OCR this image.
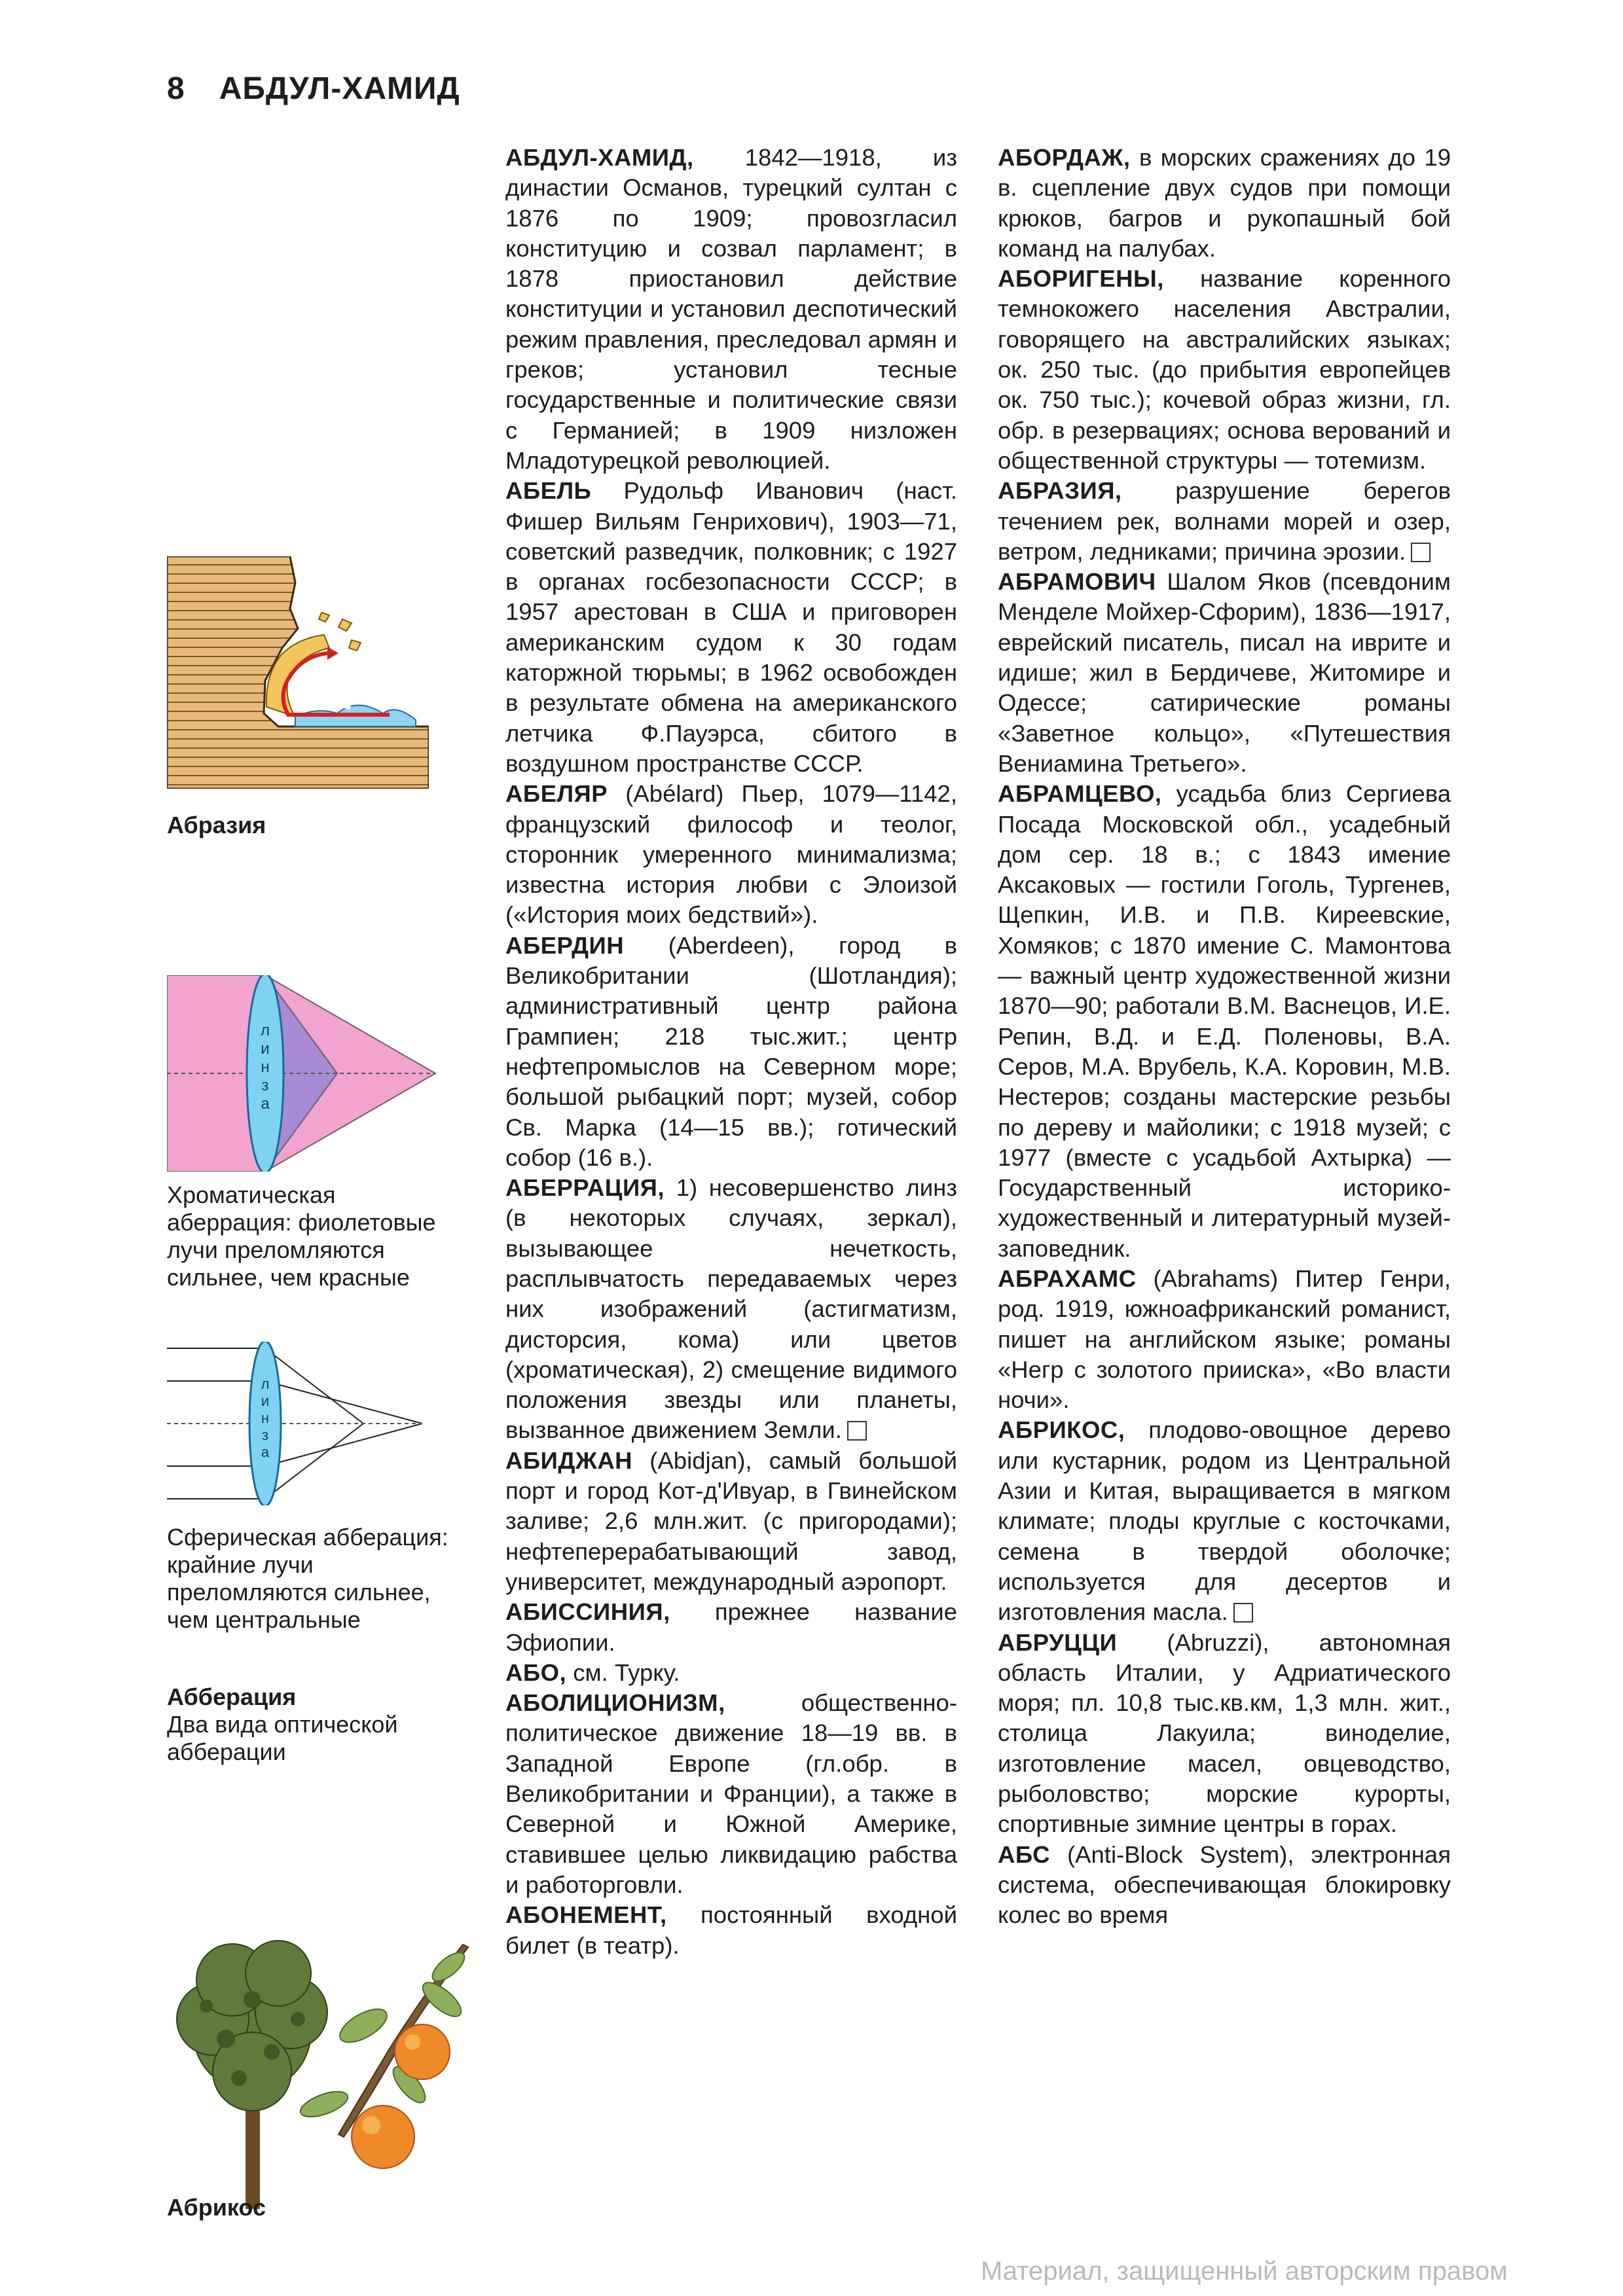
8 АБДУЛ-ХАМИД
Абразия
л
и
н
з
а
Хроматическая аберрация: фиолетовые лучи преломляются сильнее, чем красные
л
и
н
з
а
Сферическая абберация: крайние лучи преломляются сильнее, чем центральные
Абберация
Два вида оптической абберации
Абрикос

АБДУЛ-ХАМИД, 1842—1918, из династии Османов, турецкий султан с 1876 по 1909; провозгласил конституцию и созвал парламент; в 1878 приостановил действие конституции и установил деспотический режим правления, преследовал армян и греков; установил тесные государственные и политические связи с Германией; в 1909 низложен Младотурецкой революцией.

АБЕЛЬ Рудольф Иванович (наст. Фишер Вильям Генрихович), 1903—71, советский разведчик, полковник; с 1927 в органах госбезопасности СССР; в 1957 арестован в США и приговорен американским судом к 30 годам каторжной тюрьмы; в 1962 освобожден в результате обмена на американского летчика Ф.Пауэрса, сбитого в воздушном пространстве СССР.

АБЕЛЯР (Abélard) Пьер, 1079—1142, французский философ и теолог, сторонник умеренного минимализма; известна история любви с Элоизой («История моих бедствий»).

АБЕРДИН (Aberdeen), город в Великобритании (Шотландия); административный центр района Грампиен; 218 тыс.жит.; центр нефтепромыслов на Северном море; большой рыбацкий порт; музей, собор Св. Марка (14—15 вв.); готический собор (16 в.).

АБЕРРАЦИЯ, 1) несовершенство линз (в некоторых случаях, зеркал), вызывающее нечеткость, расплывчатость передаваемых через них изображений (астигматизм, дисторсия, кома) или цветов (хроматическая), 2) смещение видимого положения звезды или планеты, вызванное движением Земли.

АБИДЖАН (Abidjan), самый большой порт и город Кот-д'Ивуар, в Гвинейском заливе; 2,6 млн.жит. (с пригородами); нефтеперерабатывающий завод, университет, международный аэропорт.

АБИССИНИЯ, прежнее название Эфиопии.

АБО, см. Турку.

АБОЛИЦИОНИЗМ, общественно-политическое движение 18—19 вв. в Западной Европе (гл.обр. в Великобритании и Франции), а также в Северной и Южной Америке, ставившее целью ликвидацию рабства и работорговли.

АБОНЕМЕНТ, постоянный входной билет (в театр).

АБОРДАЖ, в морских сражениях до 19 в. сцепление двух судов при помощи крюков, багров и рукопашный бой команд на палубах.

АБОРИГЕНЫ, название коренного темнокожего населения Австралии, говорящего на австралийских языках; ок. 250 тыс. (до прибытия европейцев ок. 750 тыс.); кочевой образ жизни, гл. обр. в резервациях; основа верований и общественной структуры — тотемизм.

АБРАЗИЯ, разрушение берегов течением рек, волнами морей и озер, ветром, ледниками; причина эрозии.

АБРАМОВИЧ Шалом Яков (псевдоним Менделе Мойхер-Сфорим), 1836—1917, еврейский писатель, писал на иврите и идише; жил в Бердичеве, Житомире и Одессе; сатирические романы «Заветное кольцо», «Путешествия Вениамина Третьего».

АБРАМЦЕВО, усадьба близ Сергиева Посада Московской обл., усадебный дом сер. 18 в.; с 1843 имение Аксаковых — гостили Гоголь, Тургенев, Щепкин, И.В. и П.В. Киреевские, Хомяков; с 1870 имение С. Мамонтова — важный центр художественной жизни 1870—90; работали В.М. Васнецов, И.Е. Репин, В.Д. и Е.Д. Поленовы, В.А. Серов, М.А. Врубель, К.А. Коровин, М.В. Нестеров; созданы мастерские резьбы по дереву и майолики; с 1918 музей; с 1977 (вместе с усадьбой Ахтырка) — Государственный историко-художественный и литературный музей-заповедник.

АБРАХАМС (Abrahams) Питер Генри, род. 1919, южноафриканский романист, пишет на английском языке; романы «Негр с золотого прииска», «Во власти ночи».

АБРИКОС, плодово-овощное дерево или кустарник, родом из Центральной Азии и Китая, выращивается в мягком климате; плоды круглые с косточками, семена в твердой оболочке; используется для десертов и изготовления масла.

АБРУЦЦИ (Abruzzi), автономная область Италии, у Адриатического моря; пл. 10,8 тыс.кв.км, 1,3 млн. жит., столица Лакуила; виноделие, изготовление масел, овцеводство, рыболовство; морские курорты, спортивные зимние центры в горах.

АБС (Anti-Block System), электронная система, обеспечивающая блокировку колес во время

Материал, защищенный авторским правом
